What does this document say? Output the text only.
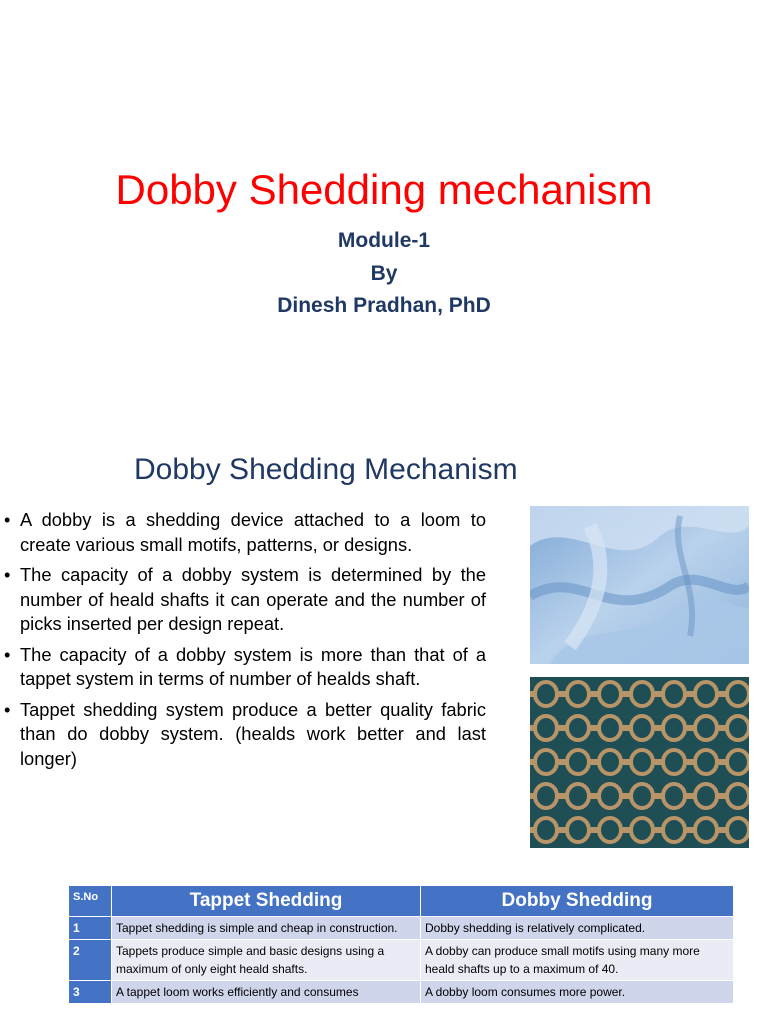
Dobby Shedding mechanism
Module-1
By
Dinesh Pradhan, PhD
Dobby Shedding Mechanism
• A dobby is a shedding device attached to a loom to create various small motifs, patterns, or designs.
• The capacity of a dobby system is determined by the number of heald shafts it can operate and the number of picks inserted per design repeat.
• The capacity of a dobby system is more than that of a tappet system in terms of number of healds shaft.
• Tappet shedding system produce a better quality fabric than do dobby system. (healds work better and last longer)
S.No	Tappet Shedding	Dobby Shedding
1	Tappet shedding is simple and cheap in construction.	Dobby shedding is relatively complicated.
2	Tappets produce simple and basic designs using a maximum of only eight heald shafts.	A dobby can produce small motifs using many more heald shafts up to a maximum of 40.
3	A tappet loom works efficiently and consumes	A dobby loom consumes more power.
